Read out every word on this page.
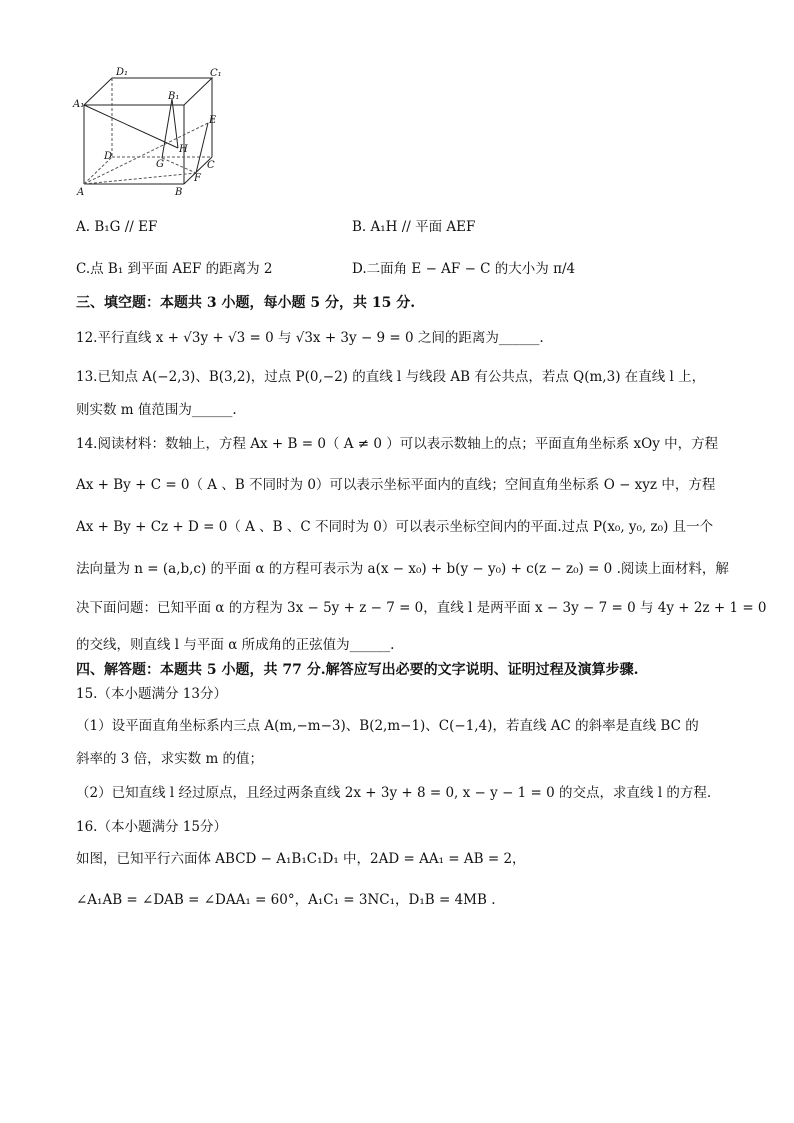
D₁	C₁
A₁
B₁
E
D
H
G	C
F
A	B
A. B₁G // EF	B. A₁H // 平面 AEF
C.点 B₁ 到平面 AEF 的距离为 2	D.二面角 E − AF − C 的大小为 π/4
三、填空题：本题共 3 小题，每小题 5 分，共 15 分.
12.平行直线 x + √3y + √3 = 0 与 √3x + 3y − 9 = 0 之间的距离为______.
13.已知点 A(−2,3)、B(3,2)，过点 P(0,−2) 的直线 l 与线段 AB 有公共点，若点 Q(m,3) 在直线 l 上，
则实数 m 值范围为______.
14.阅读材料：数轴上，方程 Ax + B = 0（ A ≠ 0 ）可以表示数轴上的点；平面直角坐标系 xOy 中，方程
Ax + By + C = 0（ A 、B 不同时为 0）可以表示坐标平面内的直线；空间直角坐标系 O − xyz 中，方程
Ax + By + Cz + D = 0（ A 、B 、C 不同时为 0）可以表示坐标空间内的平面.过点 P(x₀, y₀, z₀) 且一个
法向量为 n = (a,b,c) 的平面 α 的方程可表示为 a(x − x₀) + b(y − y₀) + c(z − z₀) = 0 .阅读上面材料，解
决下面问题：已知平面 α 的方程为 3x − 5y + z − 7 = 0，直线 l 是两平面 x − 3y − 7 = 0 与 4y + 2z + 1 = 0
的交线，则直线 l 与平面 α 所成角的正弦值为______.
四、解答题：本题共 5 小题，共 77 分.解答应写出必要的文字说明、证明过程及演算步骤.
15.（本小题满分 13分）
（1）设平面直角坐标系内三点 A(m,−m−3)、B(2,m−1)、C(−1,4)，若直线 AC 的斜率是直线 BC 的
斜率的 3 倍，求实数 m 的值；
（2）已知直线 l 经过原点，且经过两条直线 2x + 3y + 8 = 0, x − y − 1 = 0 的交点，求直线 l 的方程.
16.（本小题满分 15分）
如图，已知平行六面体 ABCD − A₁B₁C₁D₁ 中，2AD = AA₁ = AB = 2，
∠A₁AB = ∠DAB = ∠DAA₁ = 60°，A₁C₁ = 3NC₁，D₁B = 4MB .
